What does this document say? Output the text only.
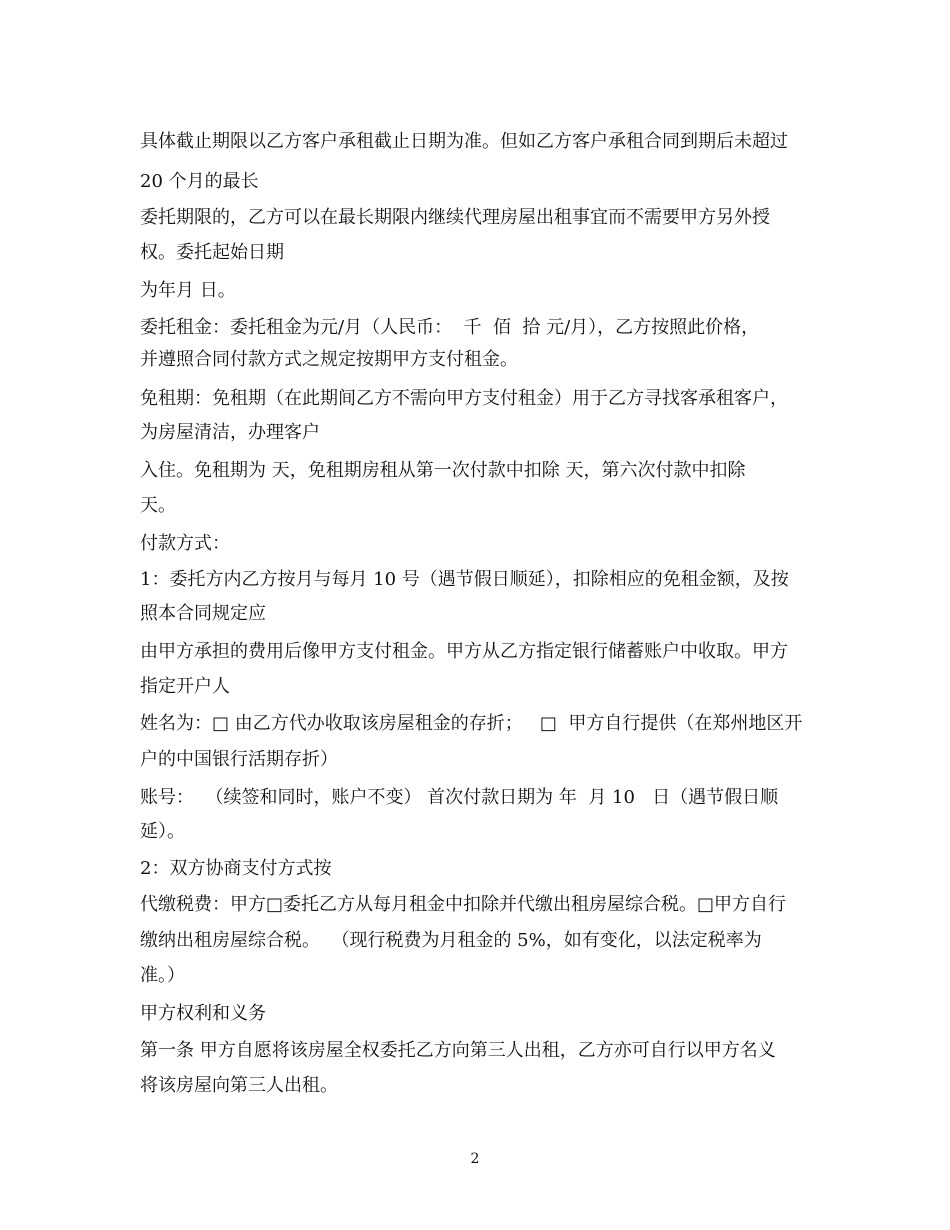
具体截止期限以乙方客户承租截止日期为准。但如乙方客户承租合同到期后未超过
20 个月的最长
委托期限的，乙方可以在最长期限内继续代理房屋出租事宜而不需要甲方另外授
权。委托起始日期
为年月 日。
委托租金：委托租金为元/月（人民币：  千  佰  拾 元/月），乙方按照此价格，
并遵照合同付款方式之规定按期甲方支付租金。
免租期：免租期（在此期间乙方不需向甲方支付租金）用于乙方寻找客承租客户，
为房屋清洁，办理客户
入住。免租期为 天，免租期房租从第一次付款中扣除 天，第六次付款中扣除
天。
付款方式：
1：委托方内乙方按月与每月 10 号（遇节假日顺延），扣除相应的免租金额，及按
照本合同规定应
由甲方承担的费用后像甲方支付租金。甲方从乙方指定银行储蓄账户中收取。甲方
指定开户人
姓名为：□ 由乙方代办收取该房屋租金的存折；   □  甲方自行提供（在郑州地区开
户的中国银行活期存折）
账号：  （续签和同时，账户不变） 首次付款日期为 年  月 10   日（遇节假日顺
延）。
2：双方协商支付方式按
代缴税费：甲方□委托乙方从每月租金中扣除并代缴出租房屋综合税。□甲方自行
缴纳出租房屋综合税。  （现行税费为月租金的 5%，如有变化，以法定税率为
准。）
甲方权利和义务
第一条 甲方自愿将该房屋全权委托乙方向第三人出租，乙方亦可自行以甲方名义
将该房屋向第三人出租。
2
